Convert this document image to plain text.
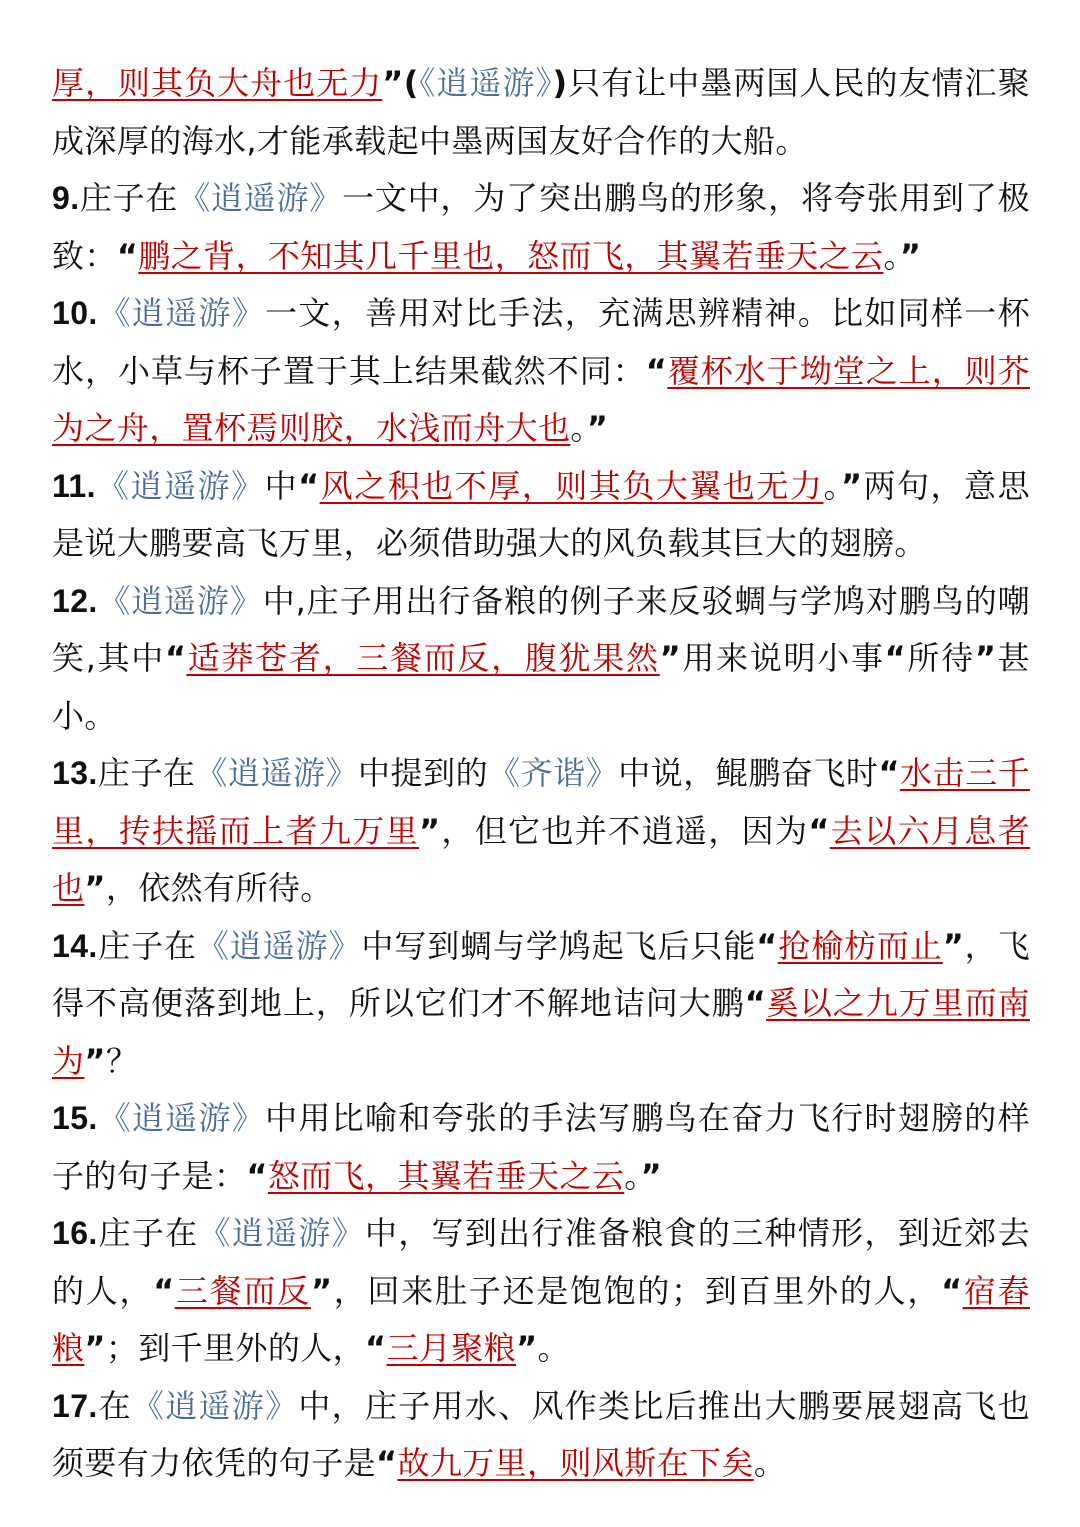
厚，则其负大舟也无力”(《逍遥游》)只有让中墨两国人民的友情汇聚成深厚的海水,才能承载起中墨两国友好合作的大船。

9.庄子在《逍遥游》一文中，为了突出鹏鸟的形象，将夸张用到了极致：“鹏之背，不知其几千里也，怒而飞，其翼若垂天之云。”

10.《逍遥游》一文，善用对比手法，充满思辨精神。比如同样一杯水，小草与杯子置于其上结果截然不同：“覆杯水于坳堂之上，则芥为之舟，置杯焉则胶，水浅而舟大也。”

11.《逍遥游》中“风之积也不厚，则其负大翼也无力。”两句，意思是说大鹏要高飞万里，必须借助强大的风负载其巨大的翅膀。

12.《逍遥游》中,庄子用出行备粮的例子来反驳蜩与学鸠对鹏鸟的嘲笑,其中“适莽苍者，三餐而反，腹犹果然”用来说明小事“所待”甚小。

13.庄子在《逍遥游》中提到的《齐谐》中说，鲲鹏奋飞时“水击三千里，抟扶摇而上者九万里”，但它也并不逍遥，因为“去以六月息者也”，依然有所待。

14.庄子在《逍遥游》中写到蜩与学鸠起飞后只能“抢榆枋而止”，飞得不高便落到地上，所以它们才不解地诘问大鹏“奚以之九万里而南为”？

15.《逍遥游》中用比喻和夸张的手法写鹏鸟在奋力飞行时翅膀的样子的句子是：“怒而飞，其翼若垂天之云。”

16.庄子在《逍遥游》中，写到出行准备粮食的三种情形，到近郊去的人，“三餐而反”，回来肚子还是饱饱的；到百里外的人，“宿舂粮”；到千里外的人，“三月聚粮”。

17.在《逍遥游》中，庄子用水、风作类比后推出大鹏要展翅高飞也须要有力依凭的句子是“故九万里，则风斯在下矣。
